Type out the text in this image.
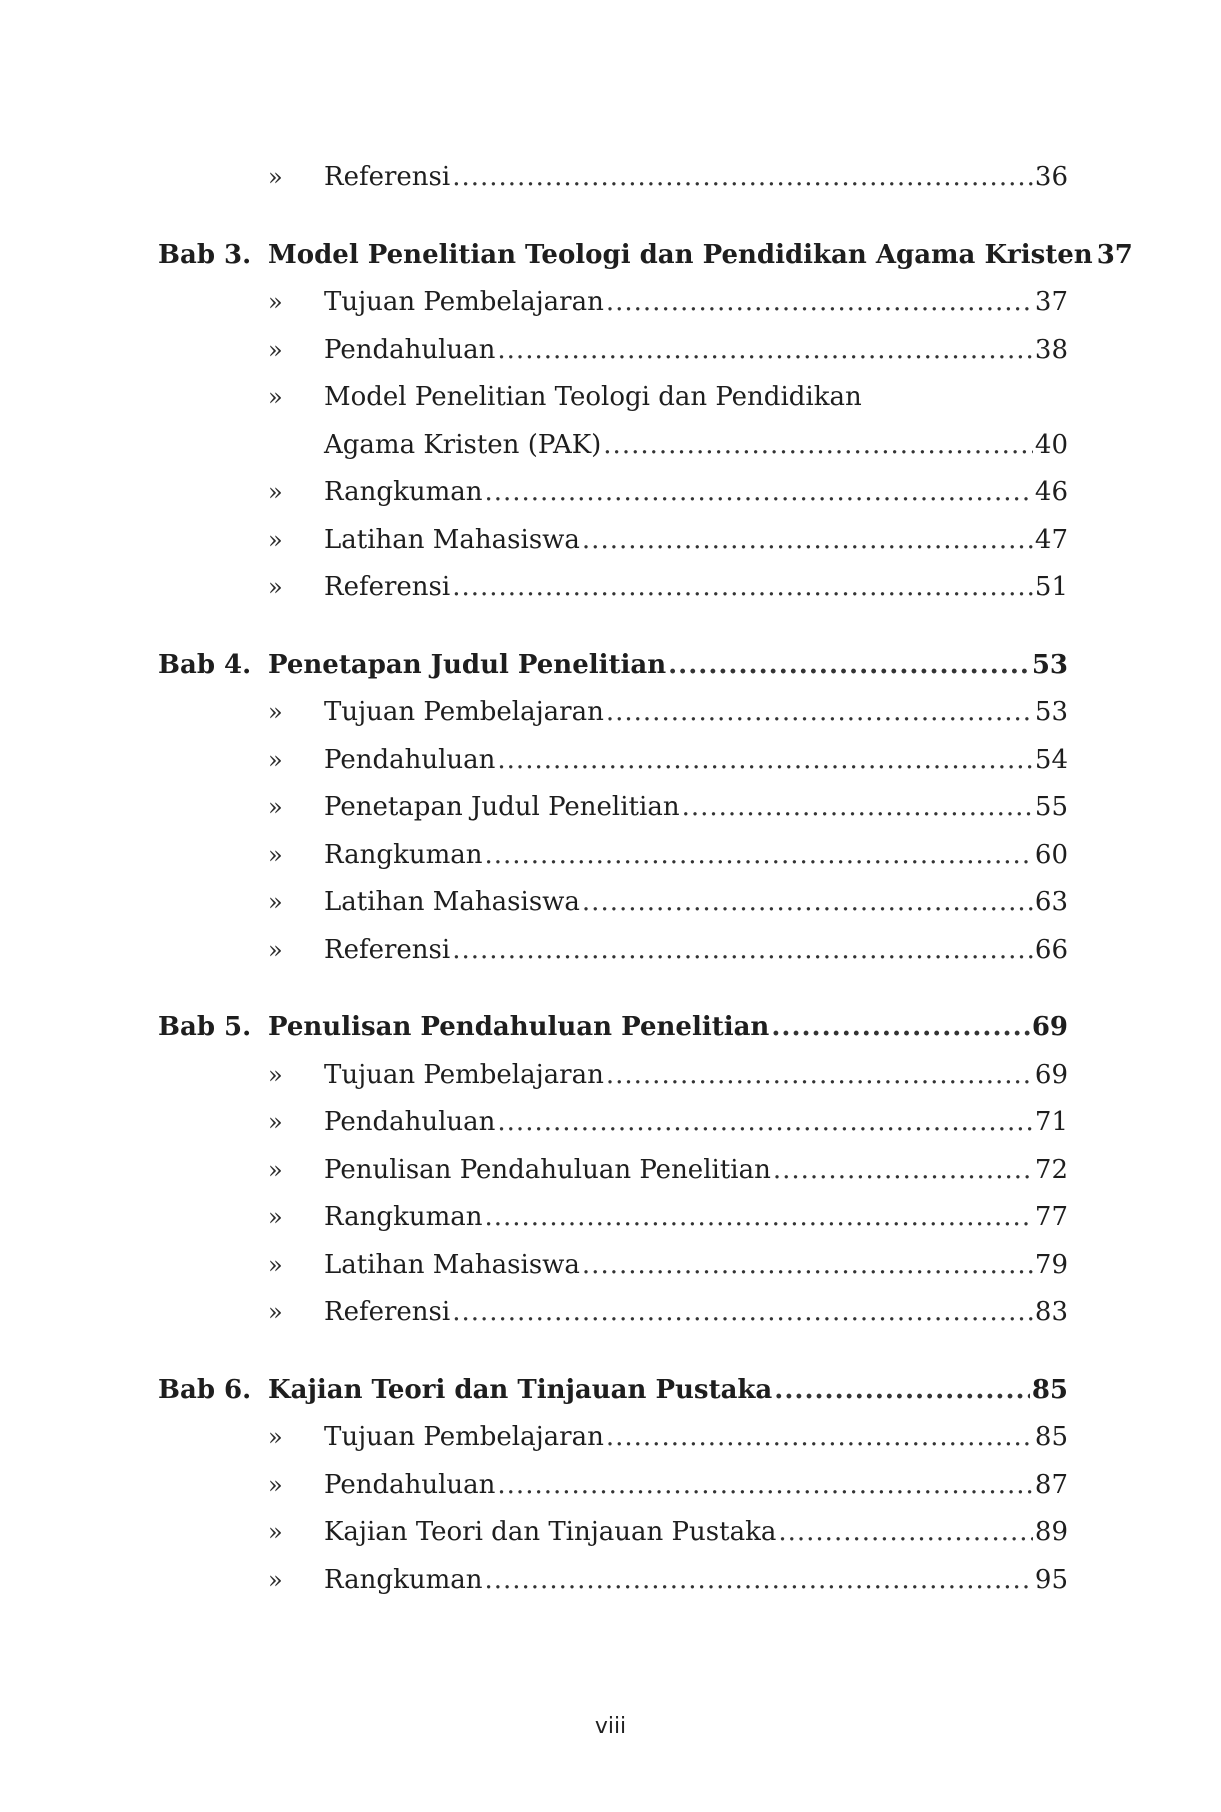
»	Referensi .....	36
Bab 3. Model Penelitian Teologi dan Pendidikan Agama Kristen 37
»	Tujuan Pembelajaran .....	37
»	Pendahuluan .....	38
»	Model Penelitian Teologi dan Pendidikan
Agama Kristen (PAK) .....	40
»	Rangkuman .....	46
»	Latihan Mahasiswa .....	47
»	Referensi .....	51
Bab 4. Penetapan Judul Penelitian .....	53
»	Tujuan Pembelajaran .....	53
»	Pendahuluan .....	54
»	Penetapan Judul Penelitian .....	55
»	Rangkuman .....	60
»	Latihan Mahasiswa .....	63
»	Referensi .....	66
Bab 5. Penulisan Pendahuluan Penelitian .....	69
»	Tujuan Pembelajaran .....	69
»	Pendahuluan .....	71
»	Penulisan Pendahuluan Penelitian .....	72
»	Rangkuman .....	77
»	Latihan Mahasiswa .....	79
»	Referensi .....	83
Bab 6. Kajian Teori dan Tinjauan Pustaka .....	85
»	Tujuan Pembelajaran .....	85
»	Pendahuluan .....	87
»	Kajian Teori dan Tinjauan Pustaka .....	89
»	Rangkuman .....	95
viii
